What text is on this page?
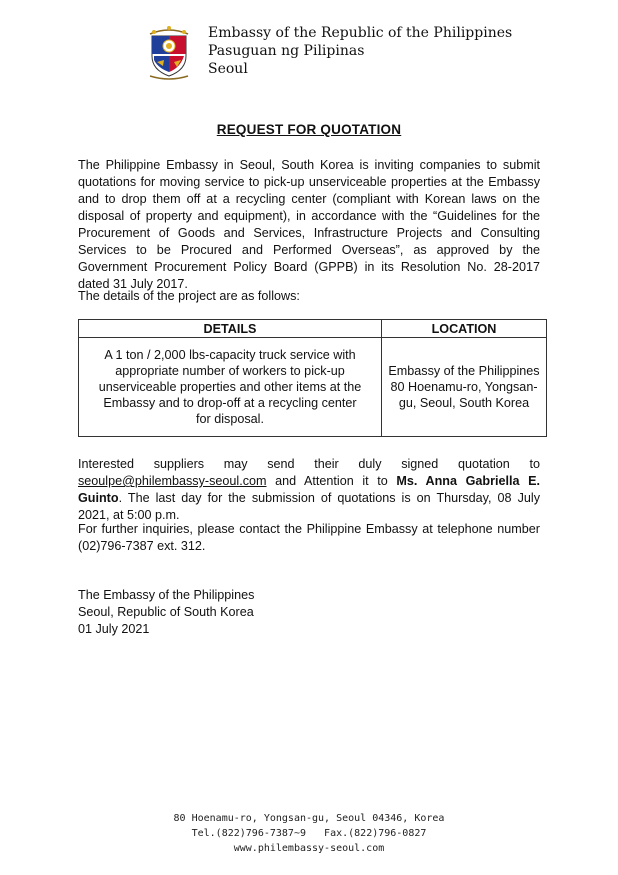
Embassy of the Republic of the Philippines
Pasuguan ng Pilipinas
Seoul
REQUEST FOR QUOTATION
The Philippine Embassy in Seoul, South Korea is inviting companies to submit quotations for moving service to pick-up unserviceable properties at the Embassy and to drop them off at a recycling center (compliant with Korean laws on the disposal of property and equipment), in accordance with the “Guidelines for the Procurement of Goods and Services, Infrastructure Projects and Consulting Services to be Procured and Performed Overseas”, as approved by the Government Procurement Policy Board (GPPB) in its Resolution No. 28-2017 dated 31 July 2017.
The details of the project are as follows:
DETAILS	LOCATION
A 1 ton / 2,000 lbs-capacity truck service with appropriate number of workers to pick-up unserviceable properties and other items at the Embassy and to drop-off at a recycling center for disposal.
Embassy of the Philippines 80 Hoenamu-ro, Yongsan-gu, Seoul, South Korea
Interested suppliers may send their duly signed quotation to seoulpe@philembassy-seoul.com and Attention it to Ms. Anna Gabriella E. Guinto. The last day for the submission of quotations is on Thursday, 08 July 2021, at 5:00 p.m.
For further inquiries, please contact the Philippine Embassy at telephone number (02)796-7387 ext. 312.
The Embassy of the Philippines
Seoul, Republic of South Korea
01 July 2021
80 Hoenamu-ro, Yongsan-gu, Seoul 04346, Korea
Tel.(822)796-7387~9   Fax.(822)796-0827
www.philembassy-seoul.com
